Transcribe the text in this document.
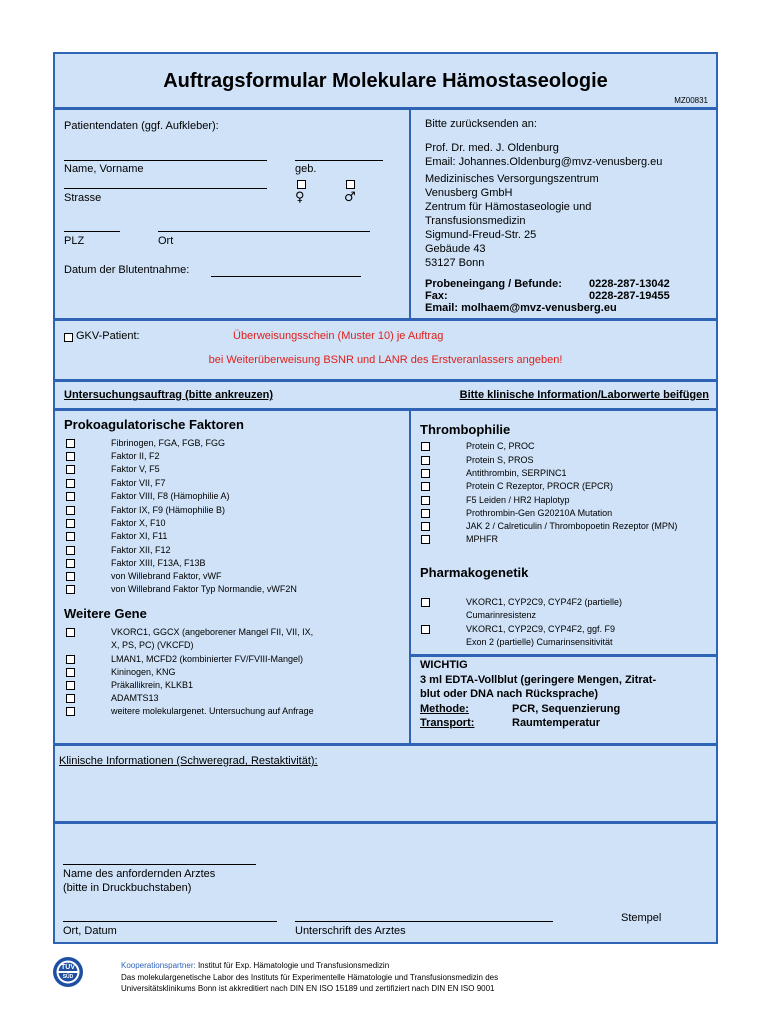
Auftragsformular Molekulare Hämostaseologie
MZ00831
Patientendaten (ggf. Aufkleber):
Name, Vorname	geb.
Strasse	♀	♂
PLZ	Ort
Datum der Blutentnahme:
Bitte zurücksenden an:
Prof. Dr. med. J. Oldenburg
Email: Johannes.Oldenburg@mvz-venusberg.eu
Medizinisches Versorgungszentrum
Venusberg GmbH
Zentrum für Hämostaseologie und
Transfusionsmedizin
Sigmund-Freud-Str. 25
Gebäude 43
53127 Bonn
Probeneingang / Befunde: 0228-287-13042
Fax:	0228-287-19455
Email: molhaem@mvz-venusberg.eu
GKV-Patient:	Überweisungsschein (Muster 10) je Auftrag
bei Weiterüberweisung BSNR und LANR des Erstveranlassers angeben!
Untersuchungsauftrag (bitte ankreuzen)	Bitte klinische Information/Laborwerte beifügen
Prokoagulatorische Faktoren
Fibrinogen, FGA, FGB, FGG
Faktor II, F2
Faktor V, F5
Faktor VII, F7
Faktor VIII, F8 (Hämophilie A)
Faktor IX, F9 (Hämophilie B)
Faktor X, F10
Faktor XI, F11
Faktor XII, F12
Faktor XIII, F13A, F13B
von Willebrand Faktor, vWF
von Willebrand Faktor Typ Normandie, vWF2N
Weitere Gene
VKORC1, GGCX (angeborener Mangel FII, VII, IX,
X, PS, PC) (VKCFD)
LMAN1, MCFD2 (kombinierter FV/FVIII-Mangel)
Kininogen, KNG
Präkallikrein, KLKB1
ADAMTS13
weitere molekulargenet. Untersuchung auf Anfrage
Thrombophilie
Protein C, PROC
Protein S, PROS
Antithrombin, SERPINC1
Protein C Rezeptor, PROCR (EPCR)
F5 Leiden / HR2 Haplotyp
Prothrombin-Gen G20210A Mutation
JAK 2 / Calreticulin / Thrombopoetin Rezeptor (MPN)
MPHFR
Pharmakogenetik
VKORC1, CYP2C9, CYP4F2 (partielle)
Cumarinresistenz
VKORC1, CYP2C9, CYP4F2, ggf. F9
Exon 2 (partielle) Cumarinsensitivität
WICHTIG
3 ml EDTA-Vollblut (geringere Mengen, Zitrat-
blut oder DNA nach Rücksprache)
Methode:	PCR, Sequenzierung
Transport:	Raumtemperatur
Klinische Informationen (Schweregrad, Restaktivität):
Name des anfordernden Arztes
(bitte in Druckbuchstaben)
Stempel
Ort, Datum	Unterschrift des Arztes
TÜV
SÜD
Kooperationspartner: Institut für Exp. Hämatologie und Transfusionsmedizin
Das molekulargenetische Labor des Instituts für Experimentelle Hämatologie und Transfusionsmedizin des
Universitätsklinikums Bonn ist akkreditiert nach DIN EN ISO 15189 und zertifiziert nach DIN EN ISO 9001
